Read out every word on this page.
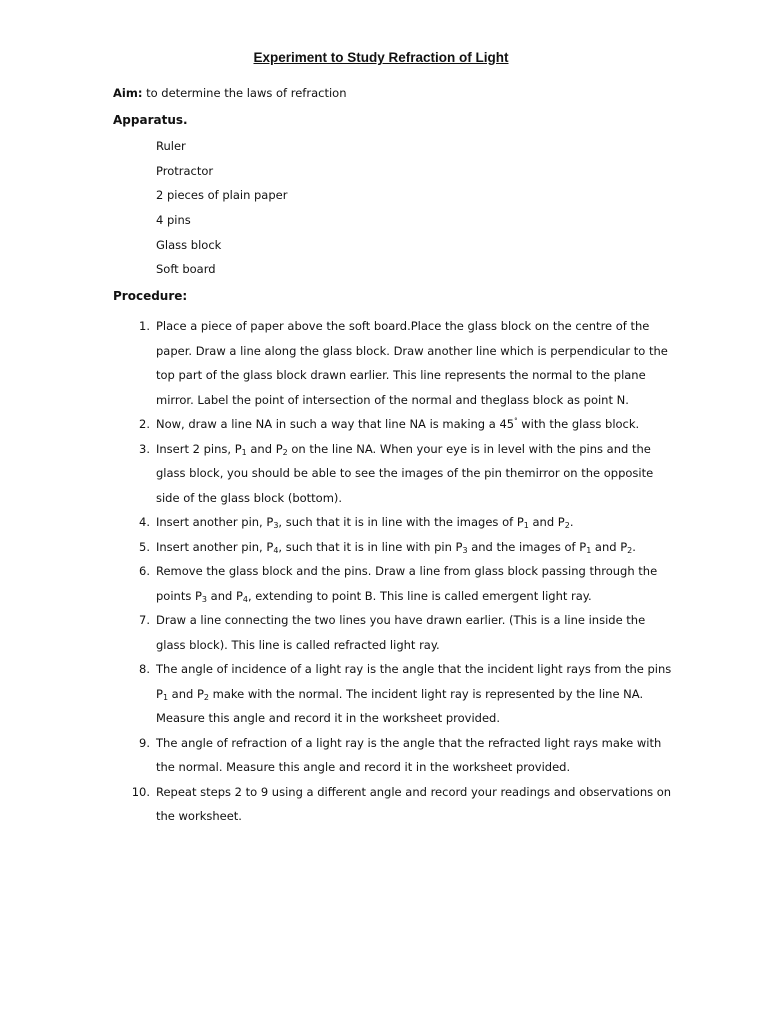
Experiment to Study Refraction of Light
Aim: to determine the laws of refraction
Apparatus.
Ruler
Protractor
2 pieces of plain paper
4 pins
Glass block
Soft board
Procedure:
1. Place a piece of paper above the soft board.Place the glass block on the centre of the paper. Draw a line along the glass block. Draw another line which is perpendicular to the top part of the glass block drawn earlier. This line represents the normal to the plane mirror. Label the point of intersection of the normal and theglass block as point N.
2. Now, draw a line NA in such a way that line NA is making a 45° with the glass block.
3. Insert 2 pins, $P_1$ and $P_2$ on the line NA. When your eye is in level with the pins and the glass block, you should be able to see the images of the pin themirror on the opposite side of the glass block (bottom).
4. Insert another pin, $P_3$, such that it is in line with the images of $P_1$ and $P_2$.
5. Insert another pin, $P_4$, such that it is in line with pin $P_3$ and the images of $P_1$ and $P_2$.
6. Remove the glass block and the pins. Draw a line from glass block passing through the points $P_3$ and $P_4$, extending to point B. This line is called emergent light ray.
7. Draw a line connecting the two lines you have drawn earlier. (This is a line inside the glass block). This line is called refracted light ray.
8. The angle of incidence of a light ray is the angle that the incident light rays from the pins $P_1$ and $P_2$ make with the normal. The incident light ray is represented by the line NA. Measure this angle and record it in the worksheet provided.
9. The angle of refraction of a light ray is the angle that the refracted light rays make with the normal. Measure this angle and record it in the worksheet provided.
10. Repeat steps 2 to 9 using a different angle and record your readings and observations on the worksheet.
